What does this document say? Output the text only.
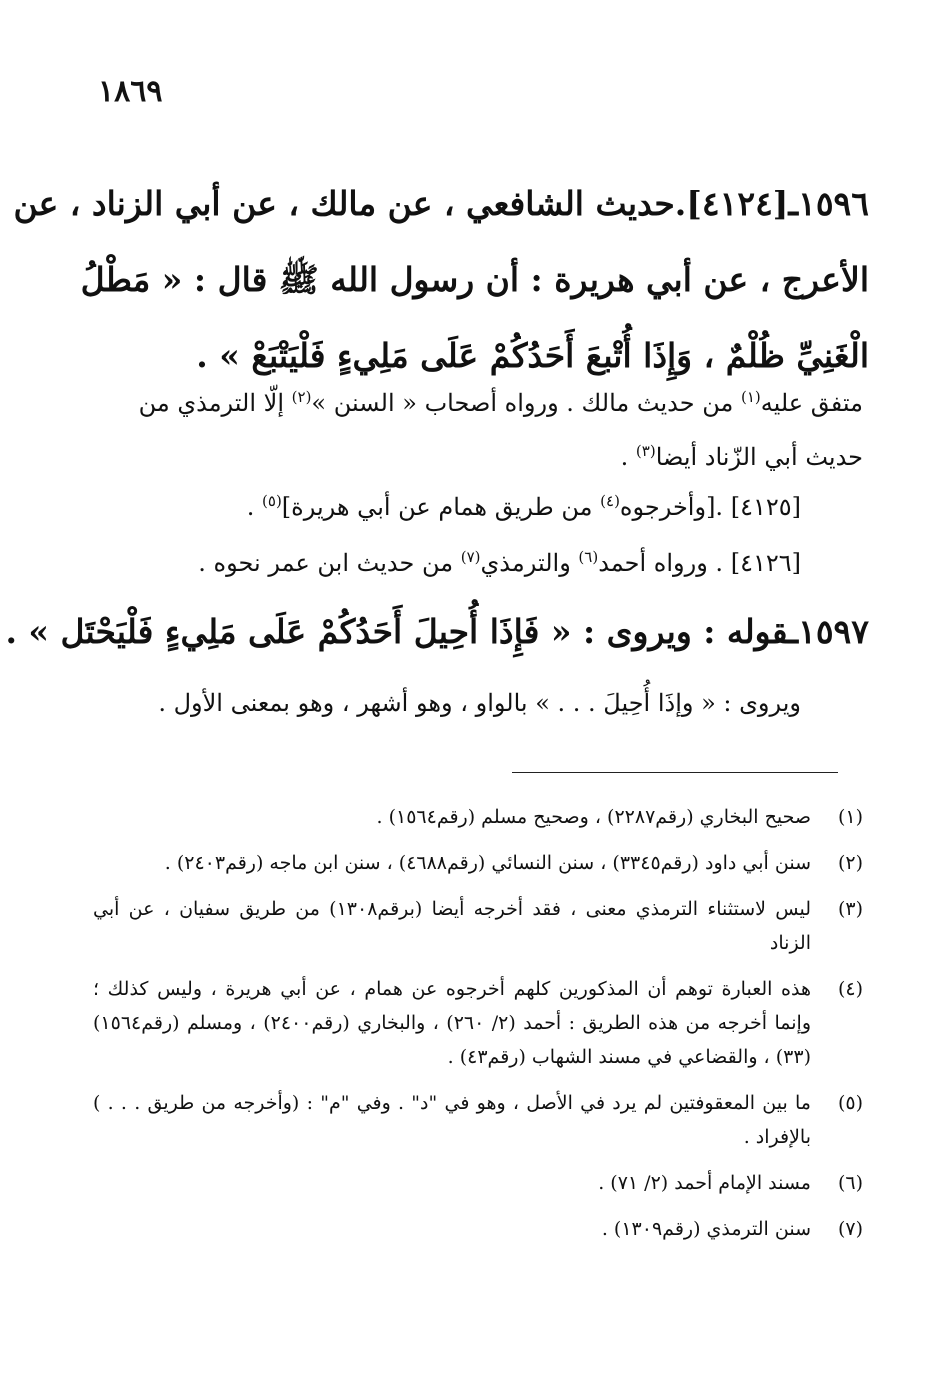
١٨٦٩
١٥٩٦ـ[٤١٢٤].حديث الشافعي ، عن مالك ، عن أبي الزناد ، عن
الأعرج ، عن أبي هريرة : أن رسول الله ﷺ قال : « مَطْلُ
الْغَنِيِّ ظُلْمٌ ، وَإِذَا أُتْبعَ أَحَدُكُمْ عَلَى مَلِيءٍ فَلْيَتْبَعْ » .
متفق عليه$^{(١)}$ من حديث مالك . ورواه أصحاب « السنن »$^{(٢)}$ إلّا الترمذي من حديث أبي الزّناد أيضا$^{(٣)}$ .
[٤١٢٥] .[وأخرجوه$^{(٤)}$ من طريق همام عن أبي هريرة]$^{(٥)}$ .
[٤١٢٦] . ورواه أحمد$^{(٦)}$ والترمذي$^{(٧)}$ من حديث ابن عمر نحوه .
١٥٩٧ـقوله : ويروى : « فَإِذَا أُحِيلَ أَحَدُكُمْ عَلَى مَلِيءٍ فَلْيَحْتَل » .
ويروى : « وإذَا أُحِيلَ . . . » بالواو ، وهو أشهر ، وهو بمعنى الأول .
(١)
صحيح البخاري (رقم٢٢٨٧) ، وصحيح مسلم (رقم١٥٦٤) .
(٢)
سنن أبي داود (رقم٣٣٤٥) ، سنن النسائي (رقم٤٦٨٨) ، سنن ابن ماجه (رقم٢٤٠٣) .
(٣)
ليس لاستثناء الترمذي معنى ، فقد أخرجه أيضا (برقم١٣٠٨) من طريق سفيان ، عن أبي الزناد
(٤)
هذه العبارة توهم أن المذكورين كلهم أخرجوه عن همام ، عن أبي هريرة ، وليس كذلك ؛ وإنما أخرجه من هذه الطريق : أحمد (٢/ ٢٦٠) ، والبخاري (رقم٢٤٠٠) ، ومسلم (رقم١٥٦٤) (٣٣) ، والقضاعي في مسند الشهاب (رقم٤٣) .
(٥)
ما بين المعقوفتين لم يرد في الأصل ، وهو في "د" . وفي "م" : (وأخرجه من طريق . . . ) بالإفراد .
(٦)
مسند الإمام أحمد (٢/ ٧١) .
(٧)
سنن الترمذي (رقم١٣٠٩) .
